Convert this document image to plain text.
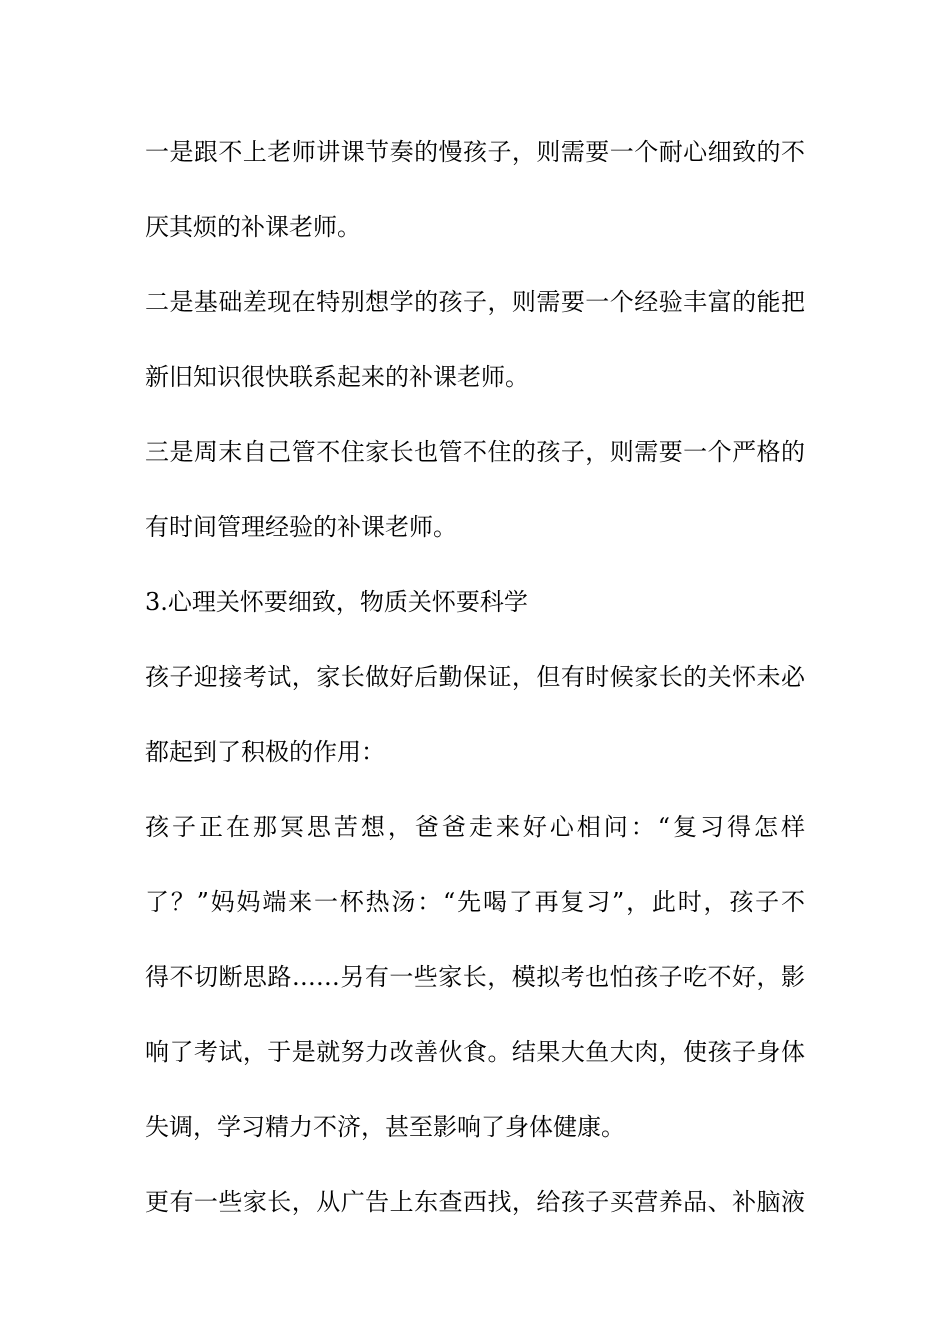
一是跟不上老师讲课节奏的慢孩子，则需要一个耐心细致的不
厌其烦的补课老师。
二是基础差现在特别想学的孩子，则需要一个经验丰富的能把
新旧知识很快联系起来的补课老师。
三是周末自己管不住家长也管不住的孩子，则需要一个严格的
有时间管理经验的补课老师。
3.心理关怀要细致，物质关怀要科学
孩子迎接考试，家长做好后勤保证，但有时候家长的关怀未必
都起到了积极的作用：
孩子正在那冥思苦想，爸爸走来好心相问：“复习得怎样
了？”妈妈端来一杯热汤：“先喝了再复习”，此时，孩子不
得不切断思路……另有一些家长，模拟考也怕孩子吃不好，影
响了考试，于是就努力改善伙食。结果大鱼大肉，使孩子身体
失调，学习精力不济，甚至影响了身体健康。
更有一些家长，从广告上东查西找，给孩子买营养品、补脑液
